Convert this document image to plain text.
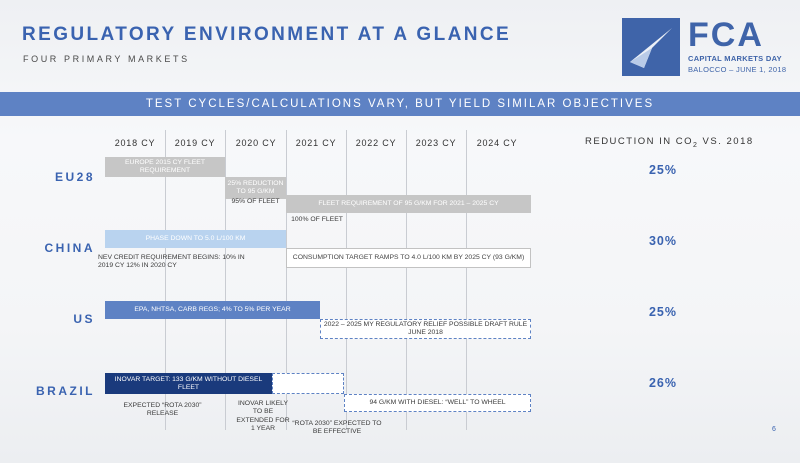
REGULATORY ENVIRONMENT AT A GLANCE
FOUR PRIMARY MARKETS
FCA
CAPITAL MARKETS DAY
BALOCCO – JUNE 1, 2018
TEST CYCLES/CALCULATIONS VARY, BUT YIELD SIMILAR OBJECTIVES
2018 CY	2019 CY	2020 CY	2021 CY	2022 CY	2023 CY	2024 CY	REDUCTION IN $CO_2$ VS. 2018
EU28	25%
EUROPE 2015 CY FLEET REQUIREMENT
25% REDUCTION TO 95 G/KM
95% OF FLEET	FLEET REQUIREMENT OF 95 G/KM FOR 2021 – 2025 CY
100% OF FLEET
CHINA	30%
PHASE DOWN TO 5.0 L/100 KM
NEV CREDIT REQUIREMENT BEGINS: 10% IN 2019 CY 12% IN 2020 CY
CONSUMPTION TARGET RAMPS TO 4.0 L/100 KM BY 2025 CY (93 G/KM)
US	25%
EPA, NHTSA, CARB REGS; 4% TO 5% PER YEAR
2022 – 2025 MY REGULATORY RELIEF POSSIBLE DRAFT RULE JUNE 2018
BRAZIL
26%
INOVAR TARGET: 133 G/KM WITHOUT DIESEL FLEET
EXPECTED “ROTA 2030” RELEASE
INOVAR LIKELY TO BE EXTENDED FOR 1 YEAR
94 G/KM WITH DIESEL: “WELL” TO WHEEL
“ROTA 2030” EXPECTED TO BE EFFECTIVE	6
